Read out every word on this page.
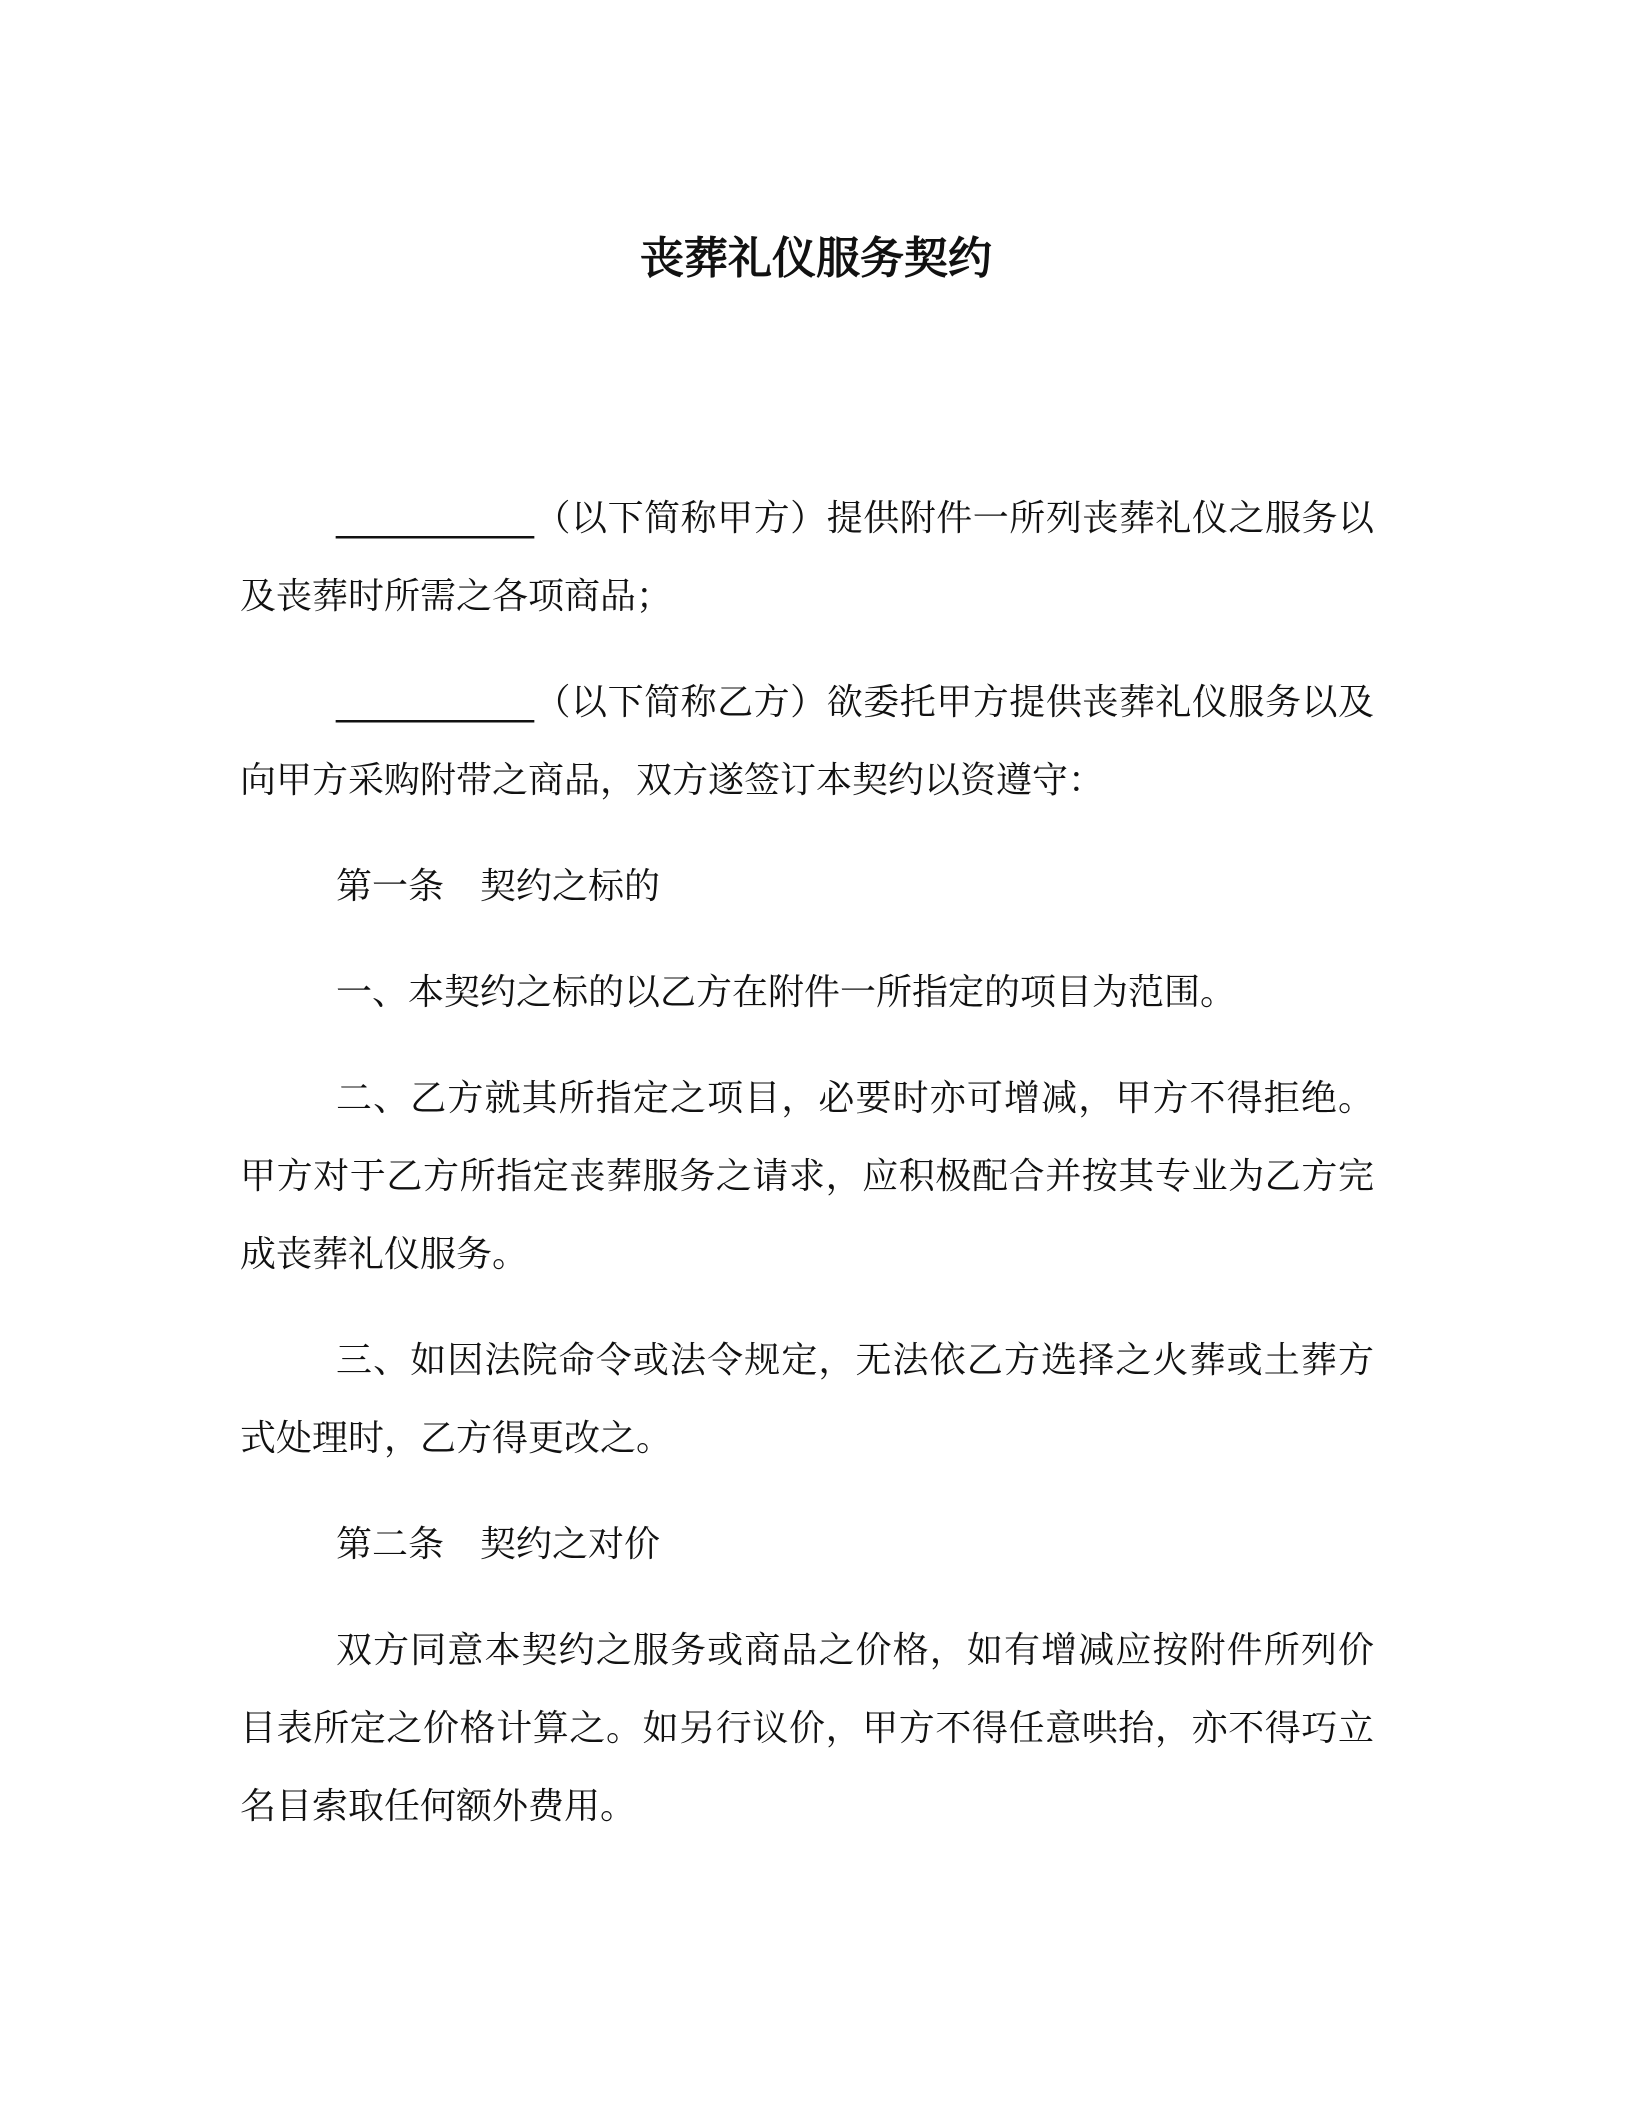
丧葬礼仪服务契约

___________（以下简称甲方）提供附件一所列丧葬礼仪之服务以及丧葬时所需之各项商品；

___________（以下简称乙方）欲委托甲方提供丧葬礼仪服务以及向甲方采购附带之商品，双方遂签订本契约以资遵守：

第一条　契约之标的

一、本契约之标的以乙方在附件一所指定的项目为范围。

二、乙方就其所指定之项目，必要时亦可增减，甲方不得拒绝。甲方对于乙方所指定丧葬服务之请求，应积极配合并按其专业为乙方完成丧葬礼仪服务。

三、如因法院命令或法令规定，无法依乙方选择之火葬或土葬方式处理时，乙方得更改之。

第二条　契约之对价

双方同意本契约之服务或商品之价格，如有增减应按附件所列价目表所定之价格计算之。如另行议价，甲方不得任意哄抬，亦不得巧立名目索取任何额外费用。
